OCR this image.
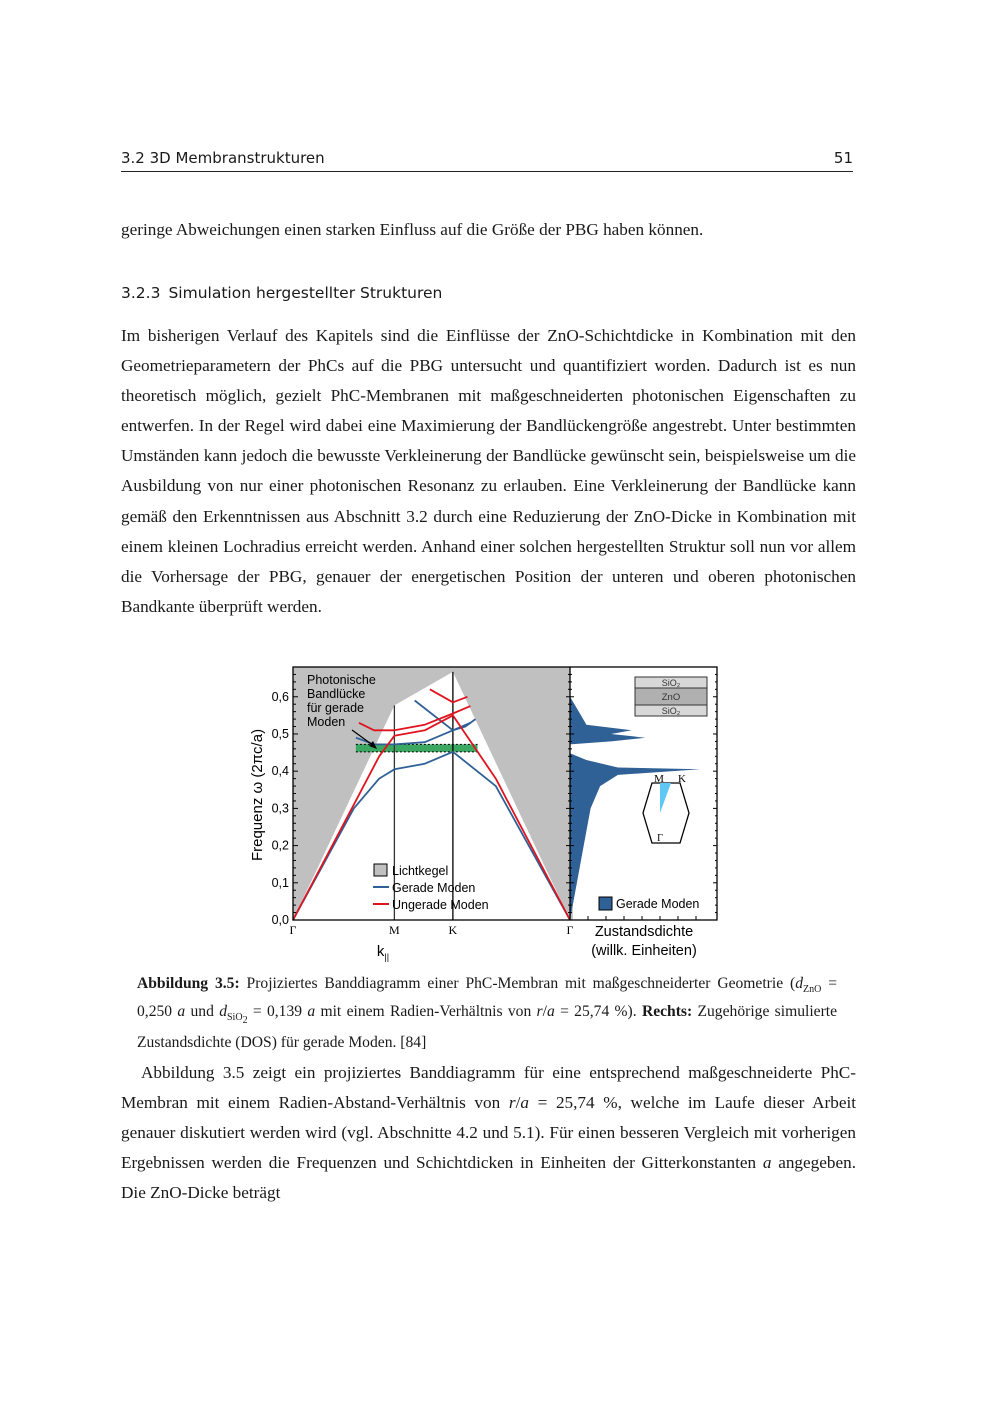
3.2 3D Membranstrukturen	51
geringe Abweichungen einen starken Einfluss auf die Größe der PBG haben können.
3.2.3 Simulation hergestellter Strukturen
Im bisherigen Verlauf des Kapitels sind die Einflüsse der ZnO-Schichtdicke in Kombination mit den Geometrieparametern der PhCs auf die PBG untersucht und quantifiziert worden. Dadurch ist es nun theoretisch möglich, gezielt PhC-Membranen mit maßgeschneiderten photonischen Eigenschaften zu entwerfen. In der Regel wird dabei eine Maximierung der Bandlückengröße angestrebt. Unter bestimmten Umständen kann jedoch die bewusste Verkleinerung der Bandlücke gewünscht sein, beispielsweise um die Ausbildung von nur einer photonischen Resonanz zu erlauben. Eine Verkleinerung der Bandlücke kann gemäß den Erkenntnissen aus Abschnitt 3.2 durch eine Reduzierung der ZnO-Dicke in Kombination mit einem kleinen Lochradius erreicht werden. Anhand einer solchen hergestellten Struktur soll nun vor allem die Vorhersage der PBG, genauer der energetischen Position der unteren und oberen photonischen Bandkante überprüft werden.
0,0
0,1
0,2
0,3
0,4
0,5
0,6
Γ	M	K	Γ
Photonische
Bandlücke
für gerade
Moden
Frequenz ω (2πc/a)
Lichtkegel
Gerade Moden
Ungerade Moden
SiO₂
ZnO
SiO₂
Γ
M K
Gerade Moden
$k_{||}$
Zustandsdichte
(willk. Einheiten)
Abbildung 3.5: Projiziertes Banddiagramm einer PhC-Membran mit maßgeschneiderter Geometrie ($d_{ZnO} = 0,250$ a und $d_{SiO_2} = 0,139$ a mit einem Radien-Verhältnis von r/a = 25,74 %). Rechts: Zugehörige simulierte Zustandsdichte (DOS) für gerade Moden. [84]
Abbildung 3.5 zeigt ein projiziertes Banddiagramm für eine entsprechend maßgeschneiderte PhC-Membran mit einem Radien-Abstand-Verhältnis von r/a = 25,74 %, welche im Laufe dieser Arbeit genauer diskutiert werden wird (vgl. Abschnitte 4.2 und 5.1). Für einen besseren Vergleich mit vorherigen Ergebnissen werden die Frequenzen und Schichtdicken in Einheiten der Gitterkonstanten a angegeben. Die ZnO-Dicke beträgt
